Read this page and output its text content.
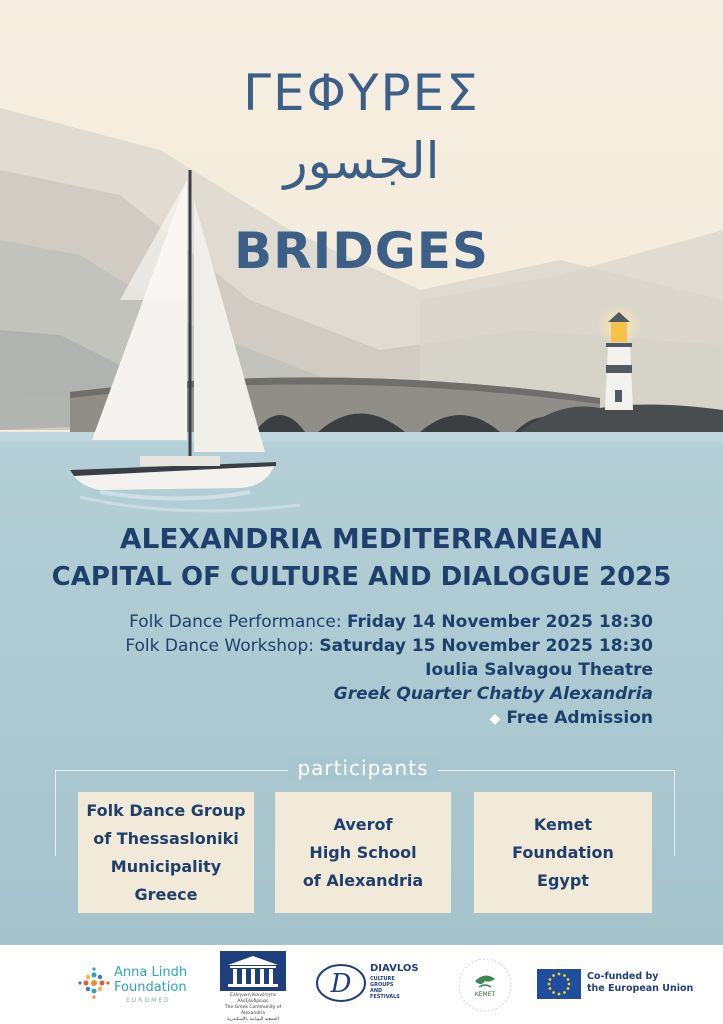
ΓΕΦΥΡΕΣ
الجسور
BRIDGES
ALEXANDRIA MEDITERRANEAN
CAPITAL OF CULTURE AND DIALOGUE 2025
Folk Dance Performance: Friday 14 November 2025 18:30
Folk Dance Workshop: Saturday 15 November 2025 18:30
Ioulia Salvagou Theatre
Greek Quarter Chatby Alexandria
◆ Free Admission
participants
Folk Dance Group
of Thessasloniki
Municipality
Greece
Averof
High School
of Alexandria
Kemet
Foundation
Egypt
Anna Lindh
Foundation
EUROMED
Ελληνική Κοινότητα Αλεξάνδρειας
The Greek Community of Alexandria
الجمعية اليونانية بالإسكندرية
D
DIAVLOS
CULTURE
GROUPS
AND
FESTIVALS	KEMET
Co-funded by
the European Union
